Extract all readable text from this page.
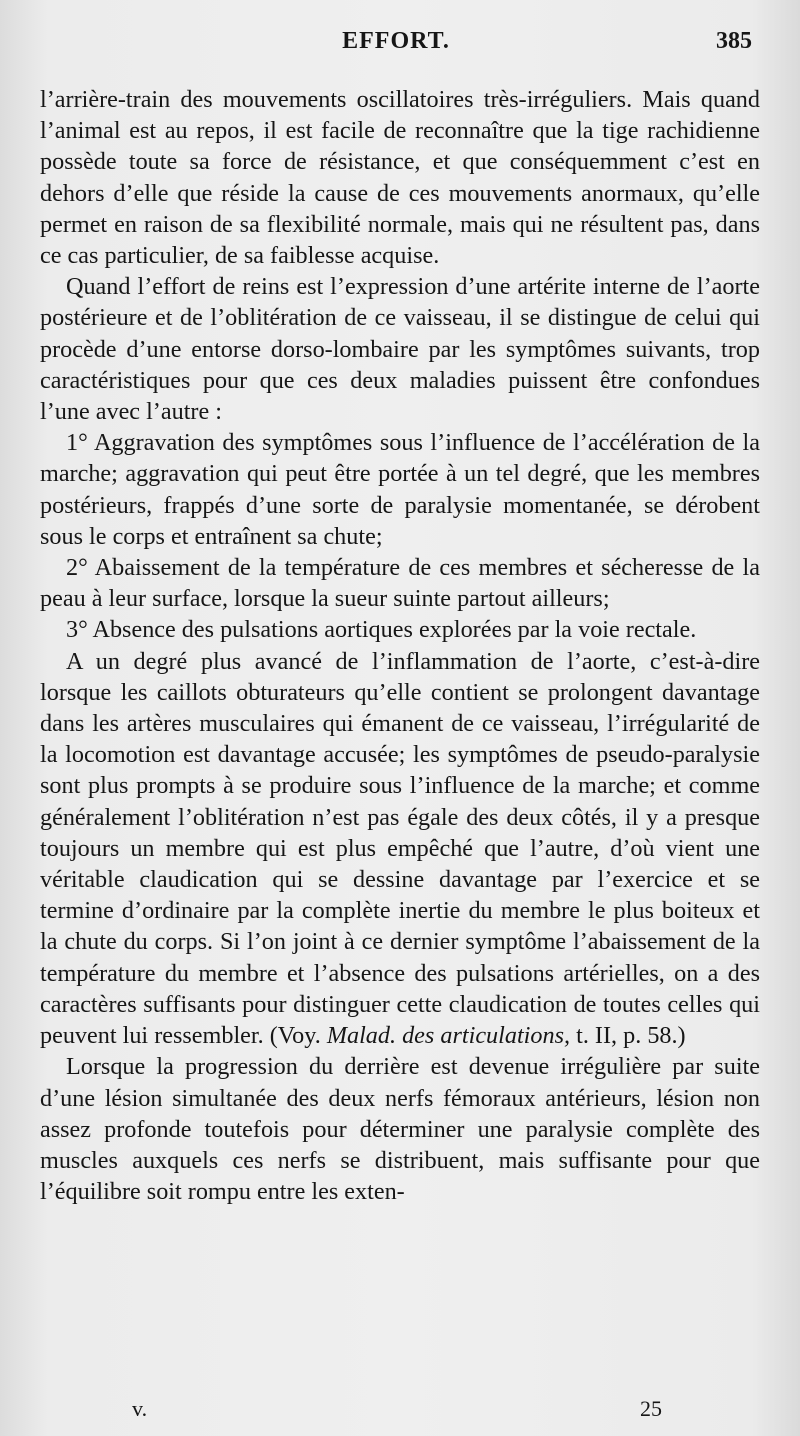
EFFORT.	385

l’arrière-train des mouvements oscillatoires très-irréguliers. Mais quand l’animal est au repos, il est facile de reconnaître que la tige rachidienne possède toute sa force de résistance, et que conséquemment c’est en dehors d’elle que réside la cause de ces mouvements anormaux, qu’elle permet en raison de sa flexibilité normale, mais qui ne résultent pas, dans ce cas particulier, de sa faiblesse acquise.

Quand l’effort de reins est l’expression d’une artérite interne de l’aorte postérieure et de l’oblitération de ce vaisseau, il se distingue de celui qui procède d’une entorse dorso-lombaire par les symptômes suivants, trop caractéristiques pour que ces deux maladies puissent être confondues l’une avec l’autre :

1° Aggravation des symptômes sous l’influence de l’accélération de la marche; aggravation qui peut être portée à un tel degré, que les membres postérieurs, frappés d’une sorte de paralysie momentanée, se dérobent sous le corps et entraînent sa chute;

2° Abaissement de la température de ces membres et sécheresse de la peau à leur surface, lorsque la sueur suinte partout ailleurs;

3° Absence des pulsations aortiques explorées par la voie rectale.

A un degré plus avancé de l’inflammation de l’aorte, c’est-à-dire lorsque les caillots obturateurs qu’elle contient se prolongent davantage dans les artères musculaires qui émanent de ce vaisseau, l’irrégularité de la locomotion est davantage accusée; les symptômes de pseudo-paralysie sont plus prompts à se produire sous l’influence de la marche; et comme généralement l’oblitération n’est pas égale des deux côtés, il y a presque toujours un membre qui est plus empêché que l’autre, d’où vient une véritable claudication qui se dessine davantage par l’exercice et se termine d’ordinaire par la complète inertie du membre le plus boiteux et la chute du corps. Si l’on joint à ce dernier symptôme l’abaissement de la température du membre et l’absence des pulsations artérielles, on a des caractères suffisants pour distinguer cette claudication de toutes celles qui peuvent lui ressembler. (Voy. Malad. des articulations, t. II, p. 58.)

Lorsque la progression du derrière est devenue irrégulière par suite d’une lésion simultanée des deux nerfs fémoraux antérieurs, lésion non assez profonde toutefois pour déterminer une paralysie complète des muscles auxquels ces nerfs se distribuent, mais suffisante pour que l’équilibre soit rompu entre les exten-

v.	25
